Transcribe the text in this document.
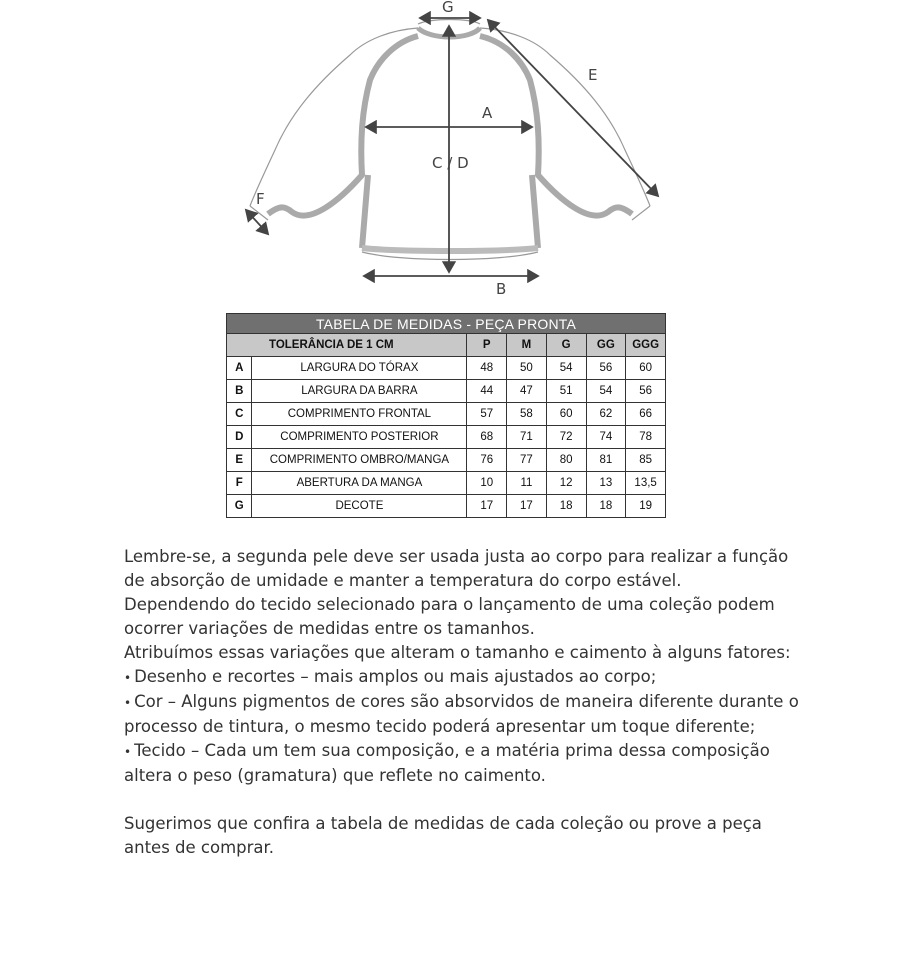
G
E
A
C / D
F
B
TABELA DE MEDIDAS - PEÇA PRONTA						
TOLERÂNCIA DE 1 CM		P	M	G	GG	GGG
A	LARGURA DO TÓRAX	48	50	54	56	60
B	LARGURA DA BARRA	44	47	51	54	56
C	COMPRIMENTO FRONTAL	57	58	60	62	66
D	COMPRIMENTO POSTERIOR	68	71	72	74	78
E	COMPRIMENTO OMBRO/MANGA	76	77	80	81	85
F	ABERTURA DA MANGA	10	11	12	13	13,5
G	DECOTE	17	17	18	18	19

Lembre-se, a segunda pele deve ser usada justa ao corpo para realizar a função de absorção de umidade e manter a temperatura do corpo estável.

Dependendo do tecido selecionado para o lançamento de uma coleção podem ocorrer variações de medidas entre os tamanhos.

Atribuímos essas variações que alteram o tamanho e caimento à alguns fatores:

• Desenho e recortes – mais amplos ou mais ajustados ao corpo;

• Cor – Alguns pigmentos de cores são absorvidos de maneira diferente durante o processo de tintura, o mesmo tecido poderá apresentar um toque diferente;

• Tecido – Cada um tem sua composição, e a matéria prima dessa composição altera o peso (gramatura) que reflete no caimento.

Sugerimos que confira a tabela de medidas de cada coleção ou prove a peça antes de comprar.
